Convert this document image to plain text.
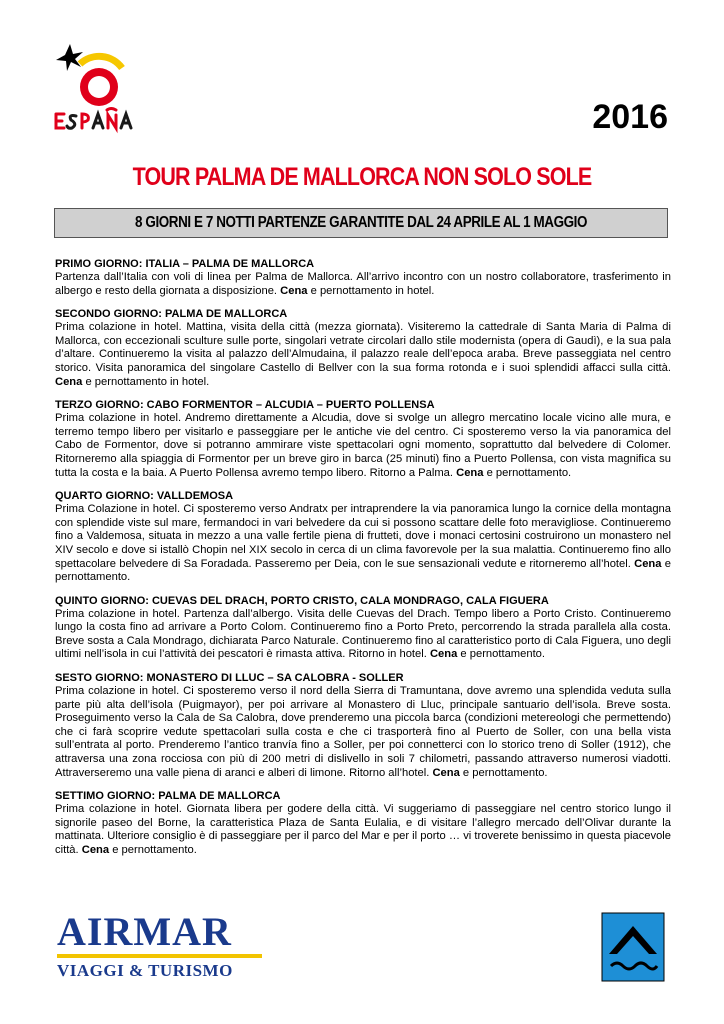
2016
TOUR PALMA DE MALLORCA NON SOLO SOLE
8 GIORNI E 7 NOTTI PARTENZE GARANTITE DAL 24 APRILE AL 1 MAGGIO
PRIMO GIORNO: ITALIA – PALMA DE MALLORCA
Partenza dall’Italia con voli di linea per Palma de Mallorca. All’arrivo incontro con un nostro collaboratore, trasferimento in albergo e resto della giornata a disposizione. Cena e pernottamento in hotel.
SECONDO GIORNO: PALMA DE MALLORCA
Prima colazione in hotel. Mattina, visita della città (mezza giornata). Visiteremo la cattedrale di Santa Maria di Palma di Mallorca, con eccezionali sculture sulle porte, singolari vetrate circolari dallo stile modernista (opera di Gaudì), e la sua pala d’altare. Continueremo la visita al palazzo dell’Almudaina, il palazzo reale dell’epoca araba. Breve passeggiata nel centro storico. Visita panoramica del singolare Castello di Bellver con la sua forma rotonda e i suoi splendidi affacci sulla città. Cena e pernottamento in hotel.
TERZO GIORNO: CABO FORMENTOR – ALCUDIA – PUERTO POLLENSA
Prima colazione in hotel. Andremo direttamente a Alcudia, dove si svolge un allegro mercatino locale vicino alle mura, e terremo tempo libero per visitarlo e passeggiare per le antiche vie del centro. Ci sposteremo verso la via panoramica del Cabo de Formentor, dove si potranno ammirare viste spettacolari ogni momento, soprattutto dal belvedere di Colomer. Ritorneremo alla spiaggia di Formentor per un breve giro in barca (25 minuti) fino a Puerto Pollensa, con vista magnifica su tutta la costa e la baia. A Puerto Pollensa avremo tempo libero. Ritorno a Palma. Cena e pernottamento.
QUARTO GIORNO: VALLDEMOSA
Prima Colazione in hotel. Ci sposteremo verso Andratx per intraprendere la via panoramica lungo la cornice della montagna con splendide viste sul mare, fermandoci in vari belvedere da cui si possono scattare delle foto meravigliose. Continueremo fino a Valdemosa, situata in mezzo a una valle fertile piena di frutteti, dove i monaci certosini costruirono un monastero nel XIV secolo e dove si istallò Chopin nel XIX secolo in cerca di un clima favorevole per la sua malattia. Continueremo fino allo spettacolare belvedere di Sa Foradada. Passeremo per Deia, con le sue sensazionali vedute e ritorneremo all’hotel. Cena e pernottamento.
QUINTO GIORNO: CUEVAS DEL DRACH, PORTO CRISTO, CALA MONDRAGO, CALA FIGUERA
Prima colazione in hotel. Partenza dall’albergo. Visita delle Cuevas del Drach. Tempo libero a Porto Cristo. Continueremo lungo la costa fino ad arrivare a Porto Colom. Continueremo fino a Porto Preto, percorrendo la strada parallela alla costa. Breve sosta a Cala Mondrago, dichiarata Parco Naturale. Continueremo fino al caratteristico porto di Cala Figuera, uno degli ultimi nell’isola in cui l’attività dei pescatori è rimasta attiva. Ritorno in hotel. Cena e pernottamento.
SESTO GIORNO: MONASTERO DI LLUC – SA CALOBRA - SOLLER
Prima colazione in hotel. Ci sposteremo verso il nord della Sierra di Tramuntana, dove avremo una splendida veduta sulla parte più alta dell’isola (Puigmayor), per poi arrivare al Monastero di Lluc, principale santuario dell’isola. Breve sosta. Proseguimento verso la Cala de Sa Calobra, dove prenderemo una piccola barca (condizioni metereologi che permettendo) che ci farà scoprire vedute spettacolari sulla costa e che ci trasporterà fino al Puerto de Soller, con una bella vista sull’entrata al porto. Prenderemo l’antico tranvía fino a Soller, per poi connetterci con lo storico treno di Soller (1912), che attraversa una zona rocciosa con più di 200 metri di dislivello in soli 7 chilometri, passando attraverso numerosi viadotti. Attraverseremo una valle piena di aranci e alberi di limone. Ritorno all’hotel. Cena e pernottamento.
SETTIMO GIORNO: PALMA DE MALLORCA
Prima colazione in hotel. Giornata libera per godere della città. Vi suggeriamo di passeggiare nel centro storico lungo il signorile paseo del Borne, la caratteristica Plaza de Santa Eulalia, e di visitare l’allegro mercado dell’Olivar durante la mattinata. Ulteriore consiglio è di passeggiare per il parco del Mar e per il porto … vi troverete benissimo in questa piacevole città. Cena e pernottamento.
AIRMAR
VIAGGI & TURISMO
